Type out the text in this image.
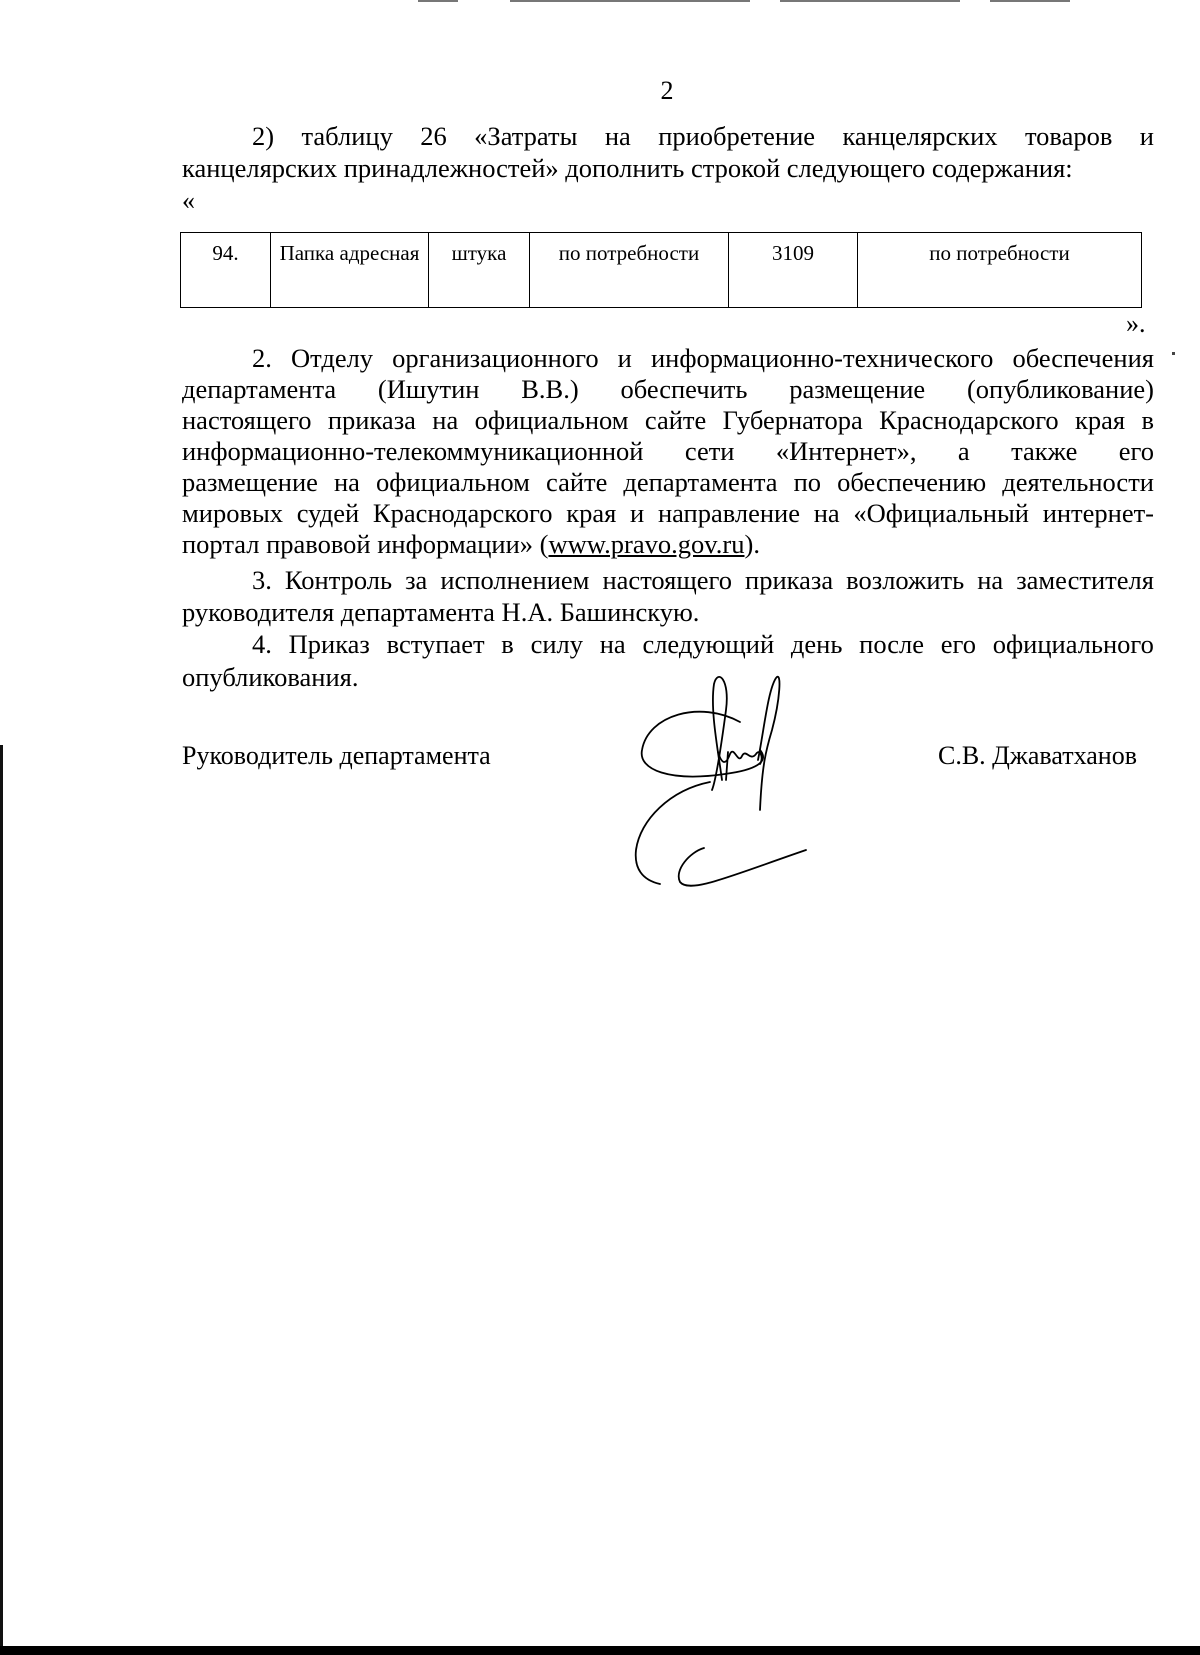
2
2) таблицу 26 «Затраты на приобретение канцелярских товаров и
канцелярских принадлежностей» дополнить строкой следующего содержания:
«
94.	Папка адресная	штука	по потребности	3109	по потребности
».
2. Отделу организационного и информационно-технического обеспечения
департамента (Ишутин В.В.) обеспечить размещение (опубликование)
настоящего приказа на официальном сайте Губернатора Краснодарского края в
информационно-телекоммуникационной сети «Интернет», а также его
размещение на официальном сайте департамента по обеспечению деятельности
мировых судей Краснодарского края и направление на «Официальный интернет-
портал правовой информации» (www.pravo.gov.ru).
3. Контроль за исполнением настоящего приказа возложить на заместителя
руководителя департамента Н.А. Башинскую.
4. Приказ вступает в силу на следующий день после его официального
опубликования.
Руководитель департамента	С.В. Джаватханов
